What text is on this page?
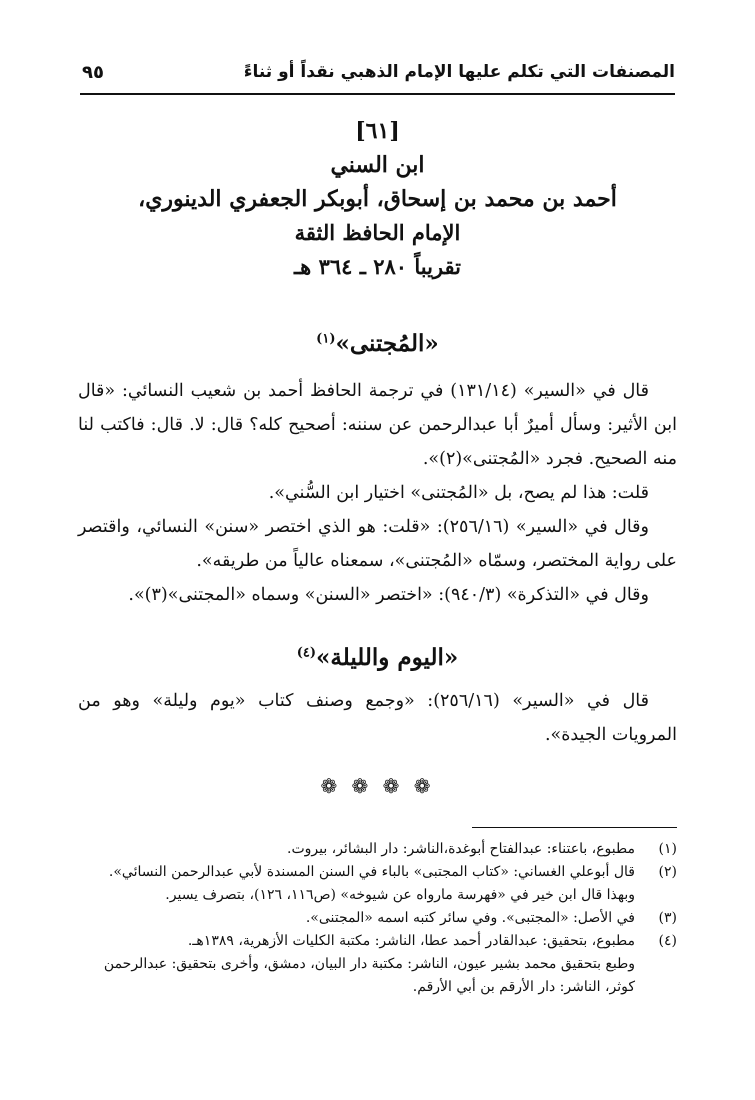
المصنفات التي تكلم عليها الإمام الذهبي نقداً أو ثناءً
٩٥
[٦١]
ابن السني
أحمد بن محمد بن إسحاق، أبوبكر الجعفري الدينوري،
الإمام الحافظ الثقة
تقريباً ٢٨٠ ـ ٣٦٤ هـ
«المُجتنى»$^{(١)}$
قال في «السير» (١٣١/١٤) في ترجمة الحافظ أحمد بن شعيب النسائي: «قال ابن الأثير: وسأل أميرٌ أبا عبدالرحمن عن سننه: أصحيح كله؟ قال: لا. قال: فاكتب لنا منه الصحيح. فجرد «المُجتنى»(٢)».
قلت: هذا لم يصح، بل «المُجتنى» اختيار ابن السُّني».
وقال في «السير» (٢٥٦/١٦): «قلت: هو الذي اختصر «سنن» النسائي، واقتصر على رواية المختصر، وسمّاه «المُجتنى»، سمعناه عالياً من طريقه».
وقال في «التذكرة» (٩٤٠/٣): «اختصر «السنن» وسماه «المجتنى»(٣)».
«اليوم والليلة»$^{(٤)}$
قال في «السير» (٢٥٦/١٦): «وجمع وصنف كتاب «يوم وليلة» وهو من المرويات الجيدة».
❁ ❁ ❁ ❁
(١)
مطبوع، باعتناء: عبدالفتاح أبوغدة،الناشر: دار البشائر، بيروت.
(٢)
قال أبوعلي الغساني: «كتاب المجتبى» بالباء في السنن المسندة لأبي عبدالرحمن النسائي».
وبهذا قال ابن خير في «فهرسة مارواه عن شيوخه» (ص١١٦، ١٢٦)، بتصرف يسير.
(٣)
في الأصل: «المجتبى». وفي سائر كتبه اسمه «المجتنى».
(٤)
مطبوع، بتحقيق: عبدالقادر أحمد عطا، الناشر: مكتبة الكليات الأزهرية، ١٣٨٩هـ.
وطبع بتحقيق محمد بشير عيون، الناشر: مكتبة دار البيان، دمشق، وأخرى بتحقيق: عبدالرحمن كوثر، الناشر: دار الأرقم بن أبي الأرقم.
